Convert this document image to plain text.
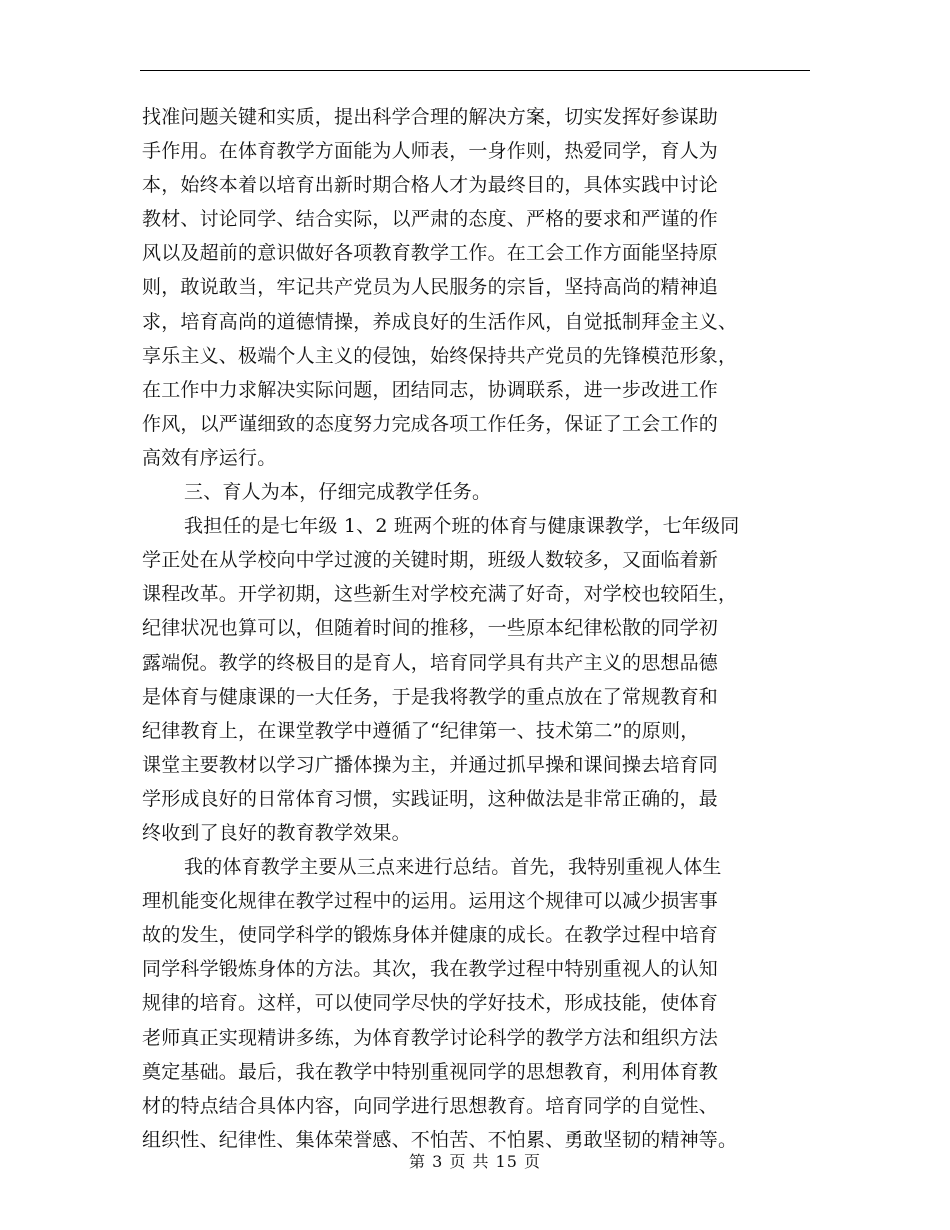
找准问题关键和实质，提出科学合理的解决方案，切实发挥好参谋助
手作用。在体育教学方面能为人师表，一身作则，热爱同学，育人为
本，始终本着以培育出新时期合格人才为最终目的，具体实践中讨论
教材、讨论同学、结合实际，以严肃的态度、严格的要求和严谨的作
风以及超前的意识做好各项教育教学工作。在工会工作方面能坚持原
则，敢说敢当，牢记共产党员为人民服务的宗旨，坚持高尚的精神追
求，培育高尚的道德情操，养成良好的生活作风，自觉抵制拜金主义、
享乐主义、极端个人主义的侵蚀，始终保持共产党员的先锋模范形象，
在工作中力求解决实际问题，团结同志，协调联系，进一步改进工作
作风，以严谨细致的态度努力完成各项工作任务，保证了工会工作的
高效有序运行。
三、育人为本，仔细完成教学任务。
我担任的是七年级 1、2 班两个班的体育与健康课教学，七年级同
学正处在从学校向中学过渡的关键时期，班级人数较多，又面临着新
课程改革。开学初期，这些新生对学校充满了好奇，对学校也较陌生，
纪律状况也算可以，但随着时间的推移，一些原本纪律松散的同学初
露端倪。教学的终极目的是育人，培育同学具有共产主义的思想品德
是体育与健康课的一大任务，于是我将教学的重点放在了常规教育和
纪律教育上，在课堂教学中遵循了“纪律第一、技术第二”的原则，
课堂主要教材以学习广播体操为主，并通过抓早操和课间操去培育同
学形成良好的日常体育习惯，实践证明，这种做法是非常正确的，最
终收到了良好的教育教学效果。
我的体育教学主要从三点来进行总结。首先，我特别重视人体生
理机能变化规律在教学过程中的运用。运用这个规律可以减少损害事
故的发生，使同学科学的锻炼身体并健康的成长。在教学过程中培育
同学科学锻炼身体的方法。其次，我在教学过程中特别重视人的认知
规律的培育。这样，可以使同学尽快的学好技术，形成技能，使体育
老师真正实现精讲多练，为体育教学讨论科学的教学方法和组织方法
奠定基础。最后，我在教学中特别重视同学的思想教育，利用体育教
材的特点结合具体内容，向同学进行思想教育。培育同学的自觉性、
组织性、纪律性、集体荣誉感、不怕苦、不怕累、勇敢坚韧的精神等。
第 3 页 共 15 页
